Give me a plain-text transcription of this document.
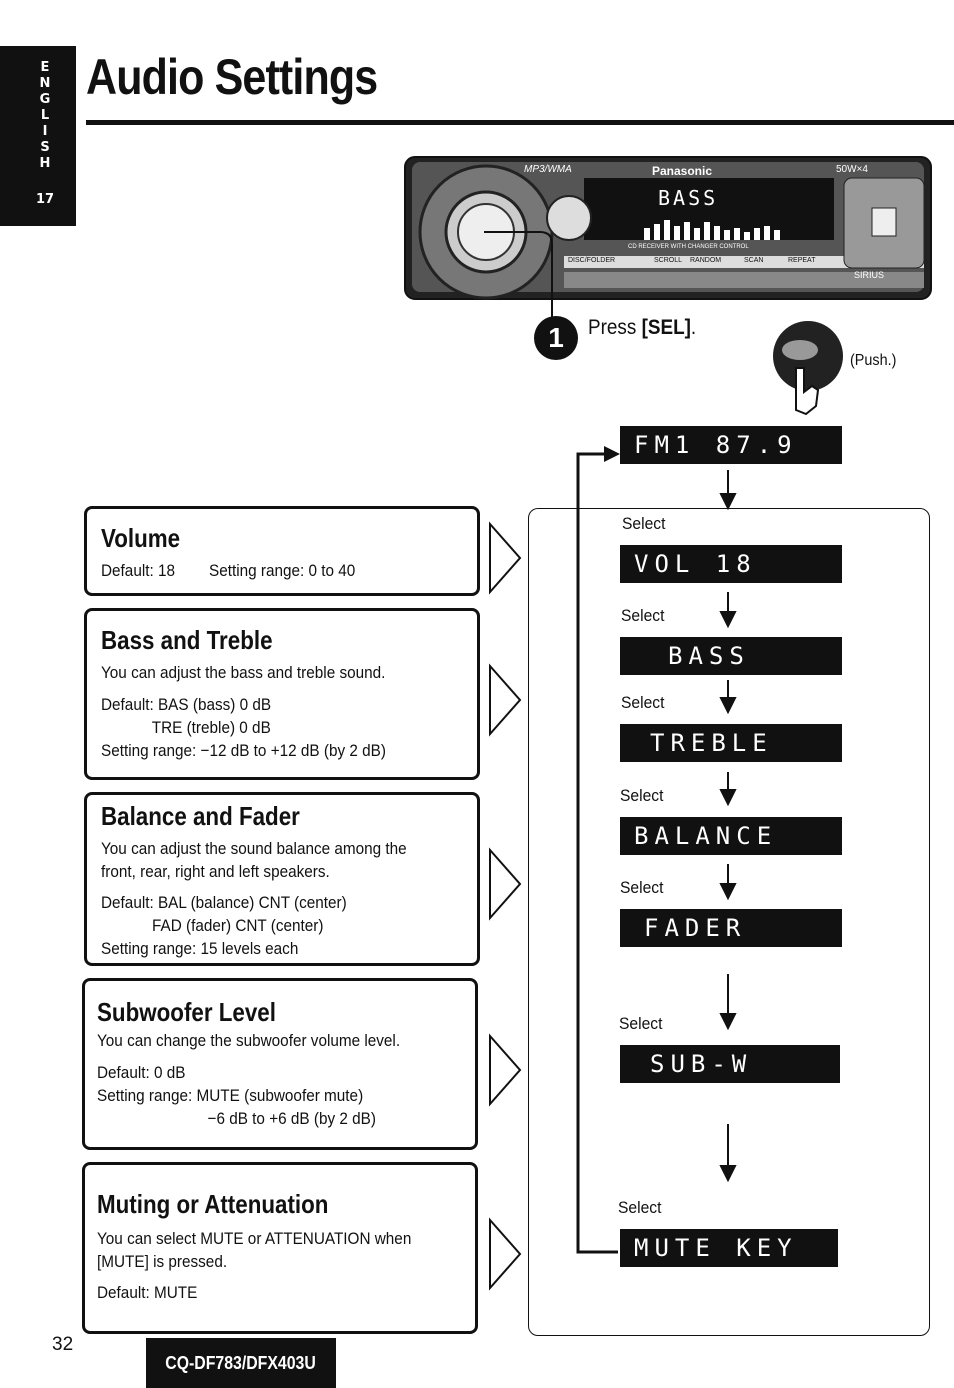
E
N
G
L
I
S
H
17
Audio Settings
Panasonic
MP3/WMA	50W×4
BASS
CD RECEIVER WITH CHANGER CONTROL
DISC/FOLDER	SCROLL RANDOM	SCAN	REPEAT
SIRIUS
1	Press [SEL].
(Push.)
Volume

Default: 18        Setting range: 0 to 40

Bass and Treble

You can adjust the bass and treble sound.

Default: BAS (bass) 0 dB

TRE (treble) 0 dB

Setting range: −12 dB to +12 dB (by 2 dB)

Balance and Fader

You can adjust the sound balance among the

front, rear, right and left speakers.

Default: BAL (balance) CNT (center)

FAD (fader) CNT (center)

Setting range: 15 levels each

Subwoofer Level

You can change the subwoofer volume level.

Default: 0 dB

Setting range: MUTE (subwoofer mute)

−6 dB to +6 dB (by 2 dB)

Muting or Attenuation

You can select MUTE or ATTENUATION when

[MUTE] is pressed.

Default: MUTE

FM1 87.9
Select
VOL 18
Select
BASS
Select
TREBLE
Select
BALANCE
Select
FADER
Select
SUB-W
Select
MUTE KEY
32
CQ-DF783/DFX403U
